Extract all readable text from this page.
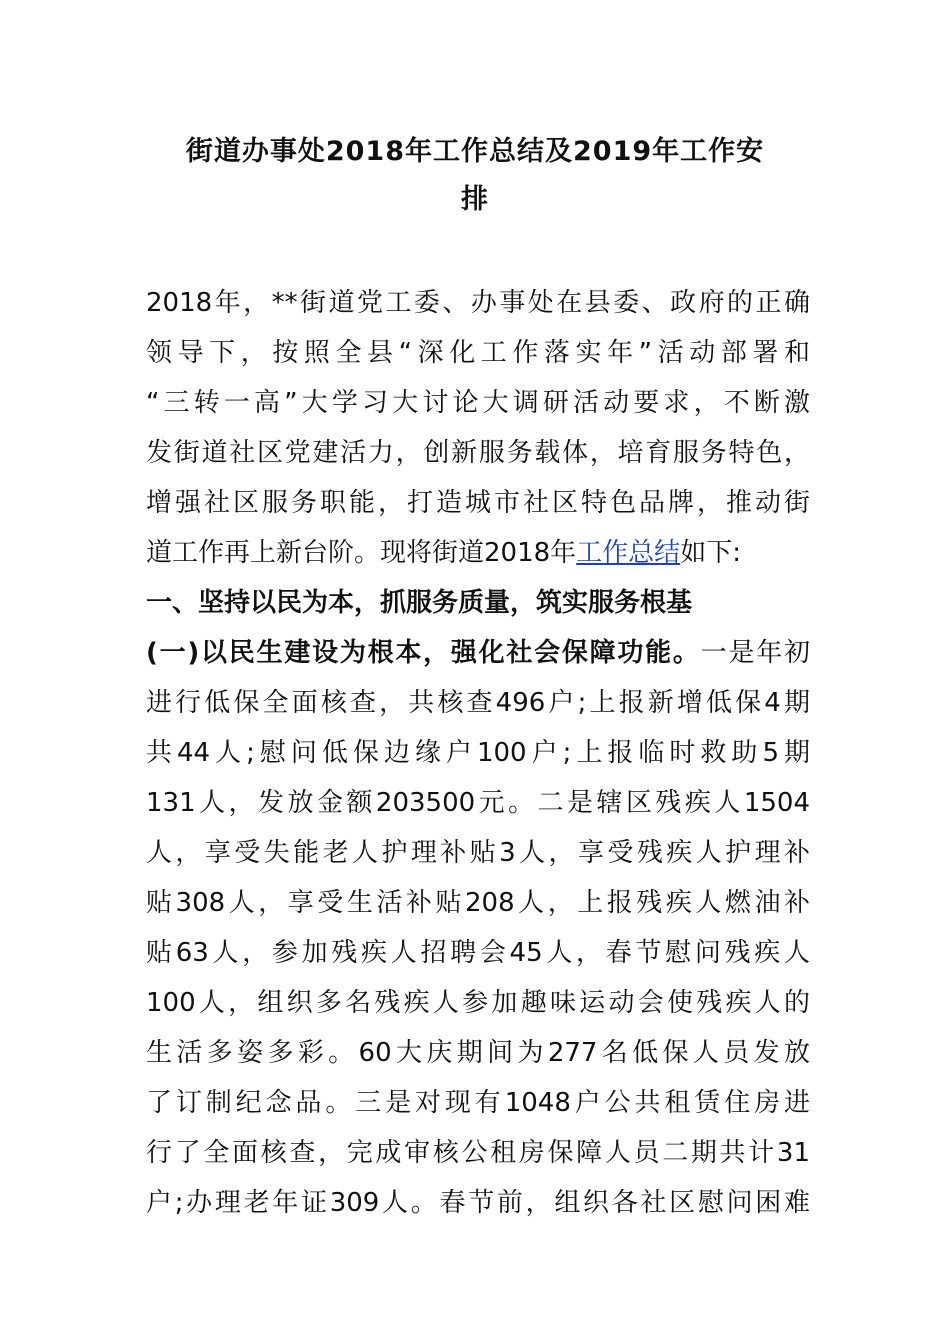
街道办事处2018年工作总结及2019年工作安
排
2018年，**街道党工委、办事处在县委、政府的正确
领导下，按照全县“深化工作落实年”活动部署和
“三转一高”大学习大讨论大调研活动要求，不断激
发街道社区党建活力，创新服务载体，培育服务特色，
增强社区服务职能，打造城市社区特色品牌，推动街
道工作再上新台阶。现将街道2018年工作总结如下:
一、坚持以民为本，抓服务质量，筑实服务根基
(一)以民生建设为根本，强化社会保障功能。一是年初
进行低保全面核查，共核查496户;上报新增低保4期
共44人;慰问低保边缘户100户;上报临时救助5期
131人，发放金额203500元。二是辖区残疾人1504
人，享受失能老人护理补贴3人，享受残疾人护理补
贴308人，享受生活补贴208人，上报残疾人燃油补
贴63人，参加残疾人招聘会45人，春节慰问残疾人
100人，组织多名残疾人参加趣味运动会使残疾人的
生活多姿多彩。60大庆期间为277名低保人员发放
了订制纪念品。三是对现有1048户公共租赁住房进
行了全面核查，完成审核公租房保障人员二期共计31
户;办理老年证309人。春节前，组织各社区慰问困难
